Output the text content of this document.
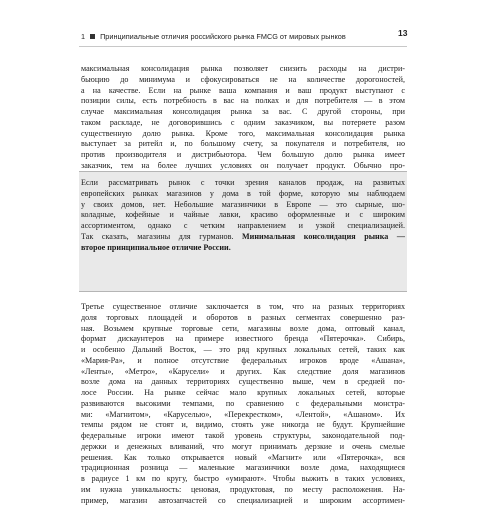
1 Принципиальные отличия российского рынка FMCG от мировых рынков	13
максимальная консолидация рынка позволяет снизить расходы на дистри-
бьюцию до минимума и сфокусироваться не на количестве дорогоностей,
а на качестве. Если на рынке ваша компания и ваш продукт выступают с
позиции силы, есть потребность в вас на полках и для потребителя — в этом
случае максимальная консолидация рынка за вас. С другой стороны, при
таком раскладе, не договорившись с одним заказчиком, вы потеряете разом
существенную долю рынка. Кроме того, максимальная консолидация рынка
выступает за ритейл и, по большому счету, за покупателя и потребителя, но
против производителя и дистрибьютора. Чем большую долю рынка имеет
заказчик, тем на более лучших условиях он получает продукт. Обычно про-
Если рассматривать рынок с точки зрения каналов продаж, на развитых
европейских рынках магазинов у дома в той форме, которую мы наблюдаем
у своих домов, нет. Небольшие магазинчики в Европе — это сырные, шо-
коладные, кофейные и чайные лавки, красиво оформленные и с широким
ассортиментом, однако с четким направлением и узкой специализацией.
Так сказать, магазины для гурманов. Минимальная консолидация рынка —
второе принципиальное отличие России.
Третье существенное отличие заключается в том, что на разных территориях
доля торговых площадей и оборотов в разных сегментах совершенно раз-
ная. Возьмем крупные торговые сети, магазины возле дома, оптовый канал,
формат дискаунтеров на примере известного бренда «Пятерочка». Сибирь,
и особенно Дальний Восток, — это ряд крупных локальных сетей, таких как
«Мария-Ра», и полное отсутствие федеральных игроков вроде «Ашана»,
«Ленты», «Метро», «Карусели» и других. Как следствие доля магазинов
возле дома на данных территориях существенно выше, чем в средней по-
лосе России. На рынке сейчас мало крупных локальных сетей, которые
развиваются высокими темпами, по сравнению с федеральными монстра-
ми: «Магнитом», «Каруселью», «Перекрестком», «Лентой», «Ашаном». Их
темпы рядом не стоят и, видимо, стоять уже никогда не будут. Крупнейшие
федеральные игроки имеют такой уровень структуры, законодательной под-
держки и денежных вливаний, что могут принимать дерзкие и очень смелые
решения. Как только открывается новый «Магнит» или «Пятерочка», вся
традиционная розница — маленькие магазинчики возле дома, находящиеся
в радиусе 1 км по кругу, быстро «умирают». Чтобы выжить в таких условиях,
им нужна уникальность: ценовая, продуктовая, по месту расположения. На-
пример, магазин автозапчастей со специализацией и широким ассортимен-
